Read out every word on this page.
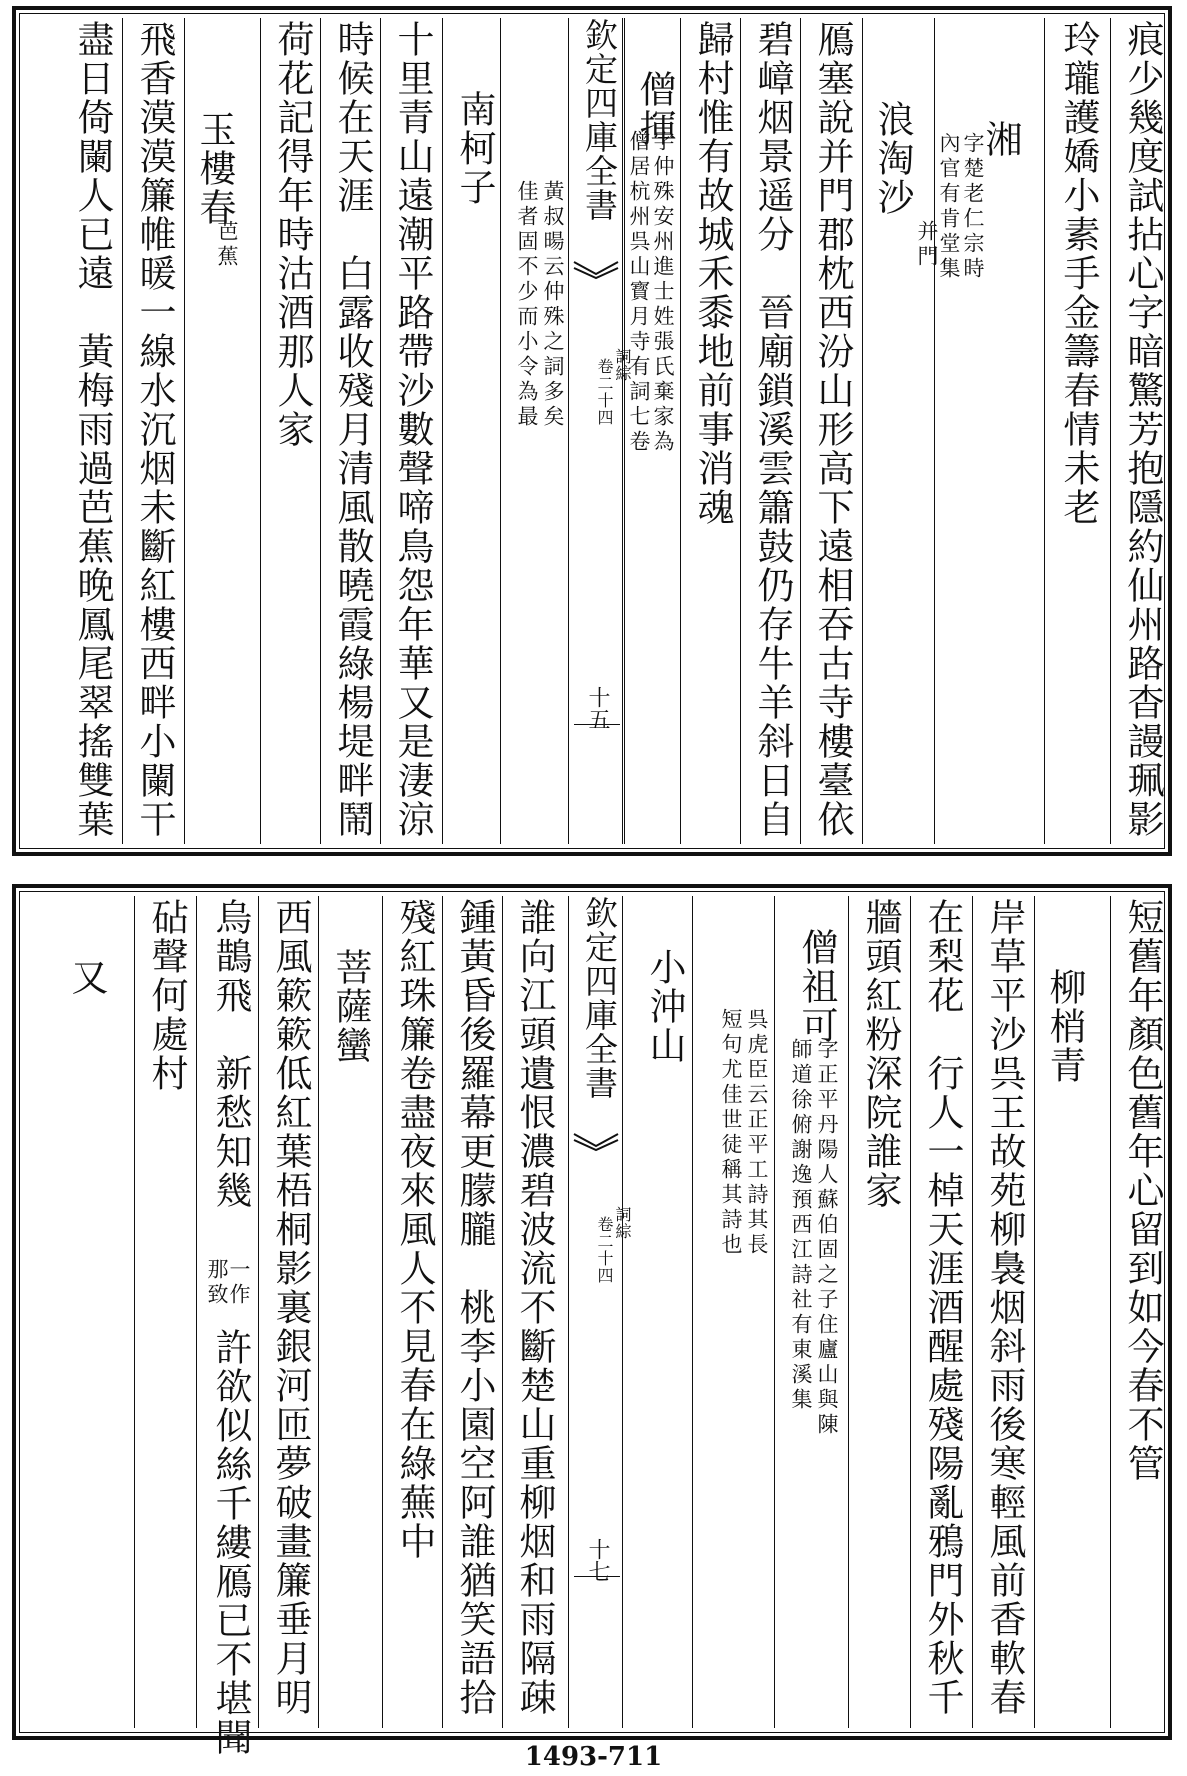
痕少幾度試拈心字暗驚芳抱隱約仙州路杳謾珮影
玲瓏護嬌小素手金籌春情未老
湘
字楚老仁宗時
內官有肯堂集
浪淘沙
并門
鴈塞說并門郡枕西汾山形高下遠相吞古寺樓臺依
碧嶂烟景遥分　晉廟鎖溪雲簫鼓仍存牛羊斜日自
歸村惟有故城禾黍地前事消魂
僧揮
字仲殊安州進士姓張氏棄家為
僧居杭州呉山寳月寺有詞七卷
欽定四庫全書
詞綜
卷二十四
十五
黃叔暘云仲殊之詞多矣
佳者固不少而小令為最
南柯子
十里青山遠潮平路帶沙數聲啼鳥怨年華又是淒涼
時候在天涯　白露收殘月清風散曉霞綠楊堤畔鬧
荷花記得年時沽酒那人家
玉樓春
芭蕉
飛香漠漠簾帷暖一線水沉烟未斷紅樓西畔小闌干
盡日倚闌人已遠　黃梅雨過芭蕉晚鳳尾翠搖雙葉
短舊年顏色舊年心留到如今春不管
柳梢青
岸草平沙呉王故苑柳裊烟斜雨後寒輕風前香軟春
在梨花　行人一棹天涯酒醒處殘陽亂鴉門外秋千
牆頭紅粉深院誰家
僧祖可
字正平丹陽人蘇伯固之子住廬山與陳
師道徐俯謝逸預西江詩社有東溪集
呉虎臣云正平工詩其長
短句尤佳世徒稱其詩也
小沖山
欽定四庫全書
詞綜
卷二十四
十七
誰向江頭遺恨濃碧波流不斷楚山重柳烟和雨隔疎
鍾黃昏後羅幕更朦朧　桃李小園空阿誰猶笑語拾
殘紅珠簾卷盡夜來風人不見春在綠蕪中
菩薩蠻
西風簌簌低紅葉梧桐影裏銀河匝夢破畫簾垂月明
烏鵲飛　新愁知幾
一作
那致
許欲似絲千縷鴈已不堪聞
砧聲何處村
又
1493-711
